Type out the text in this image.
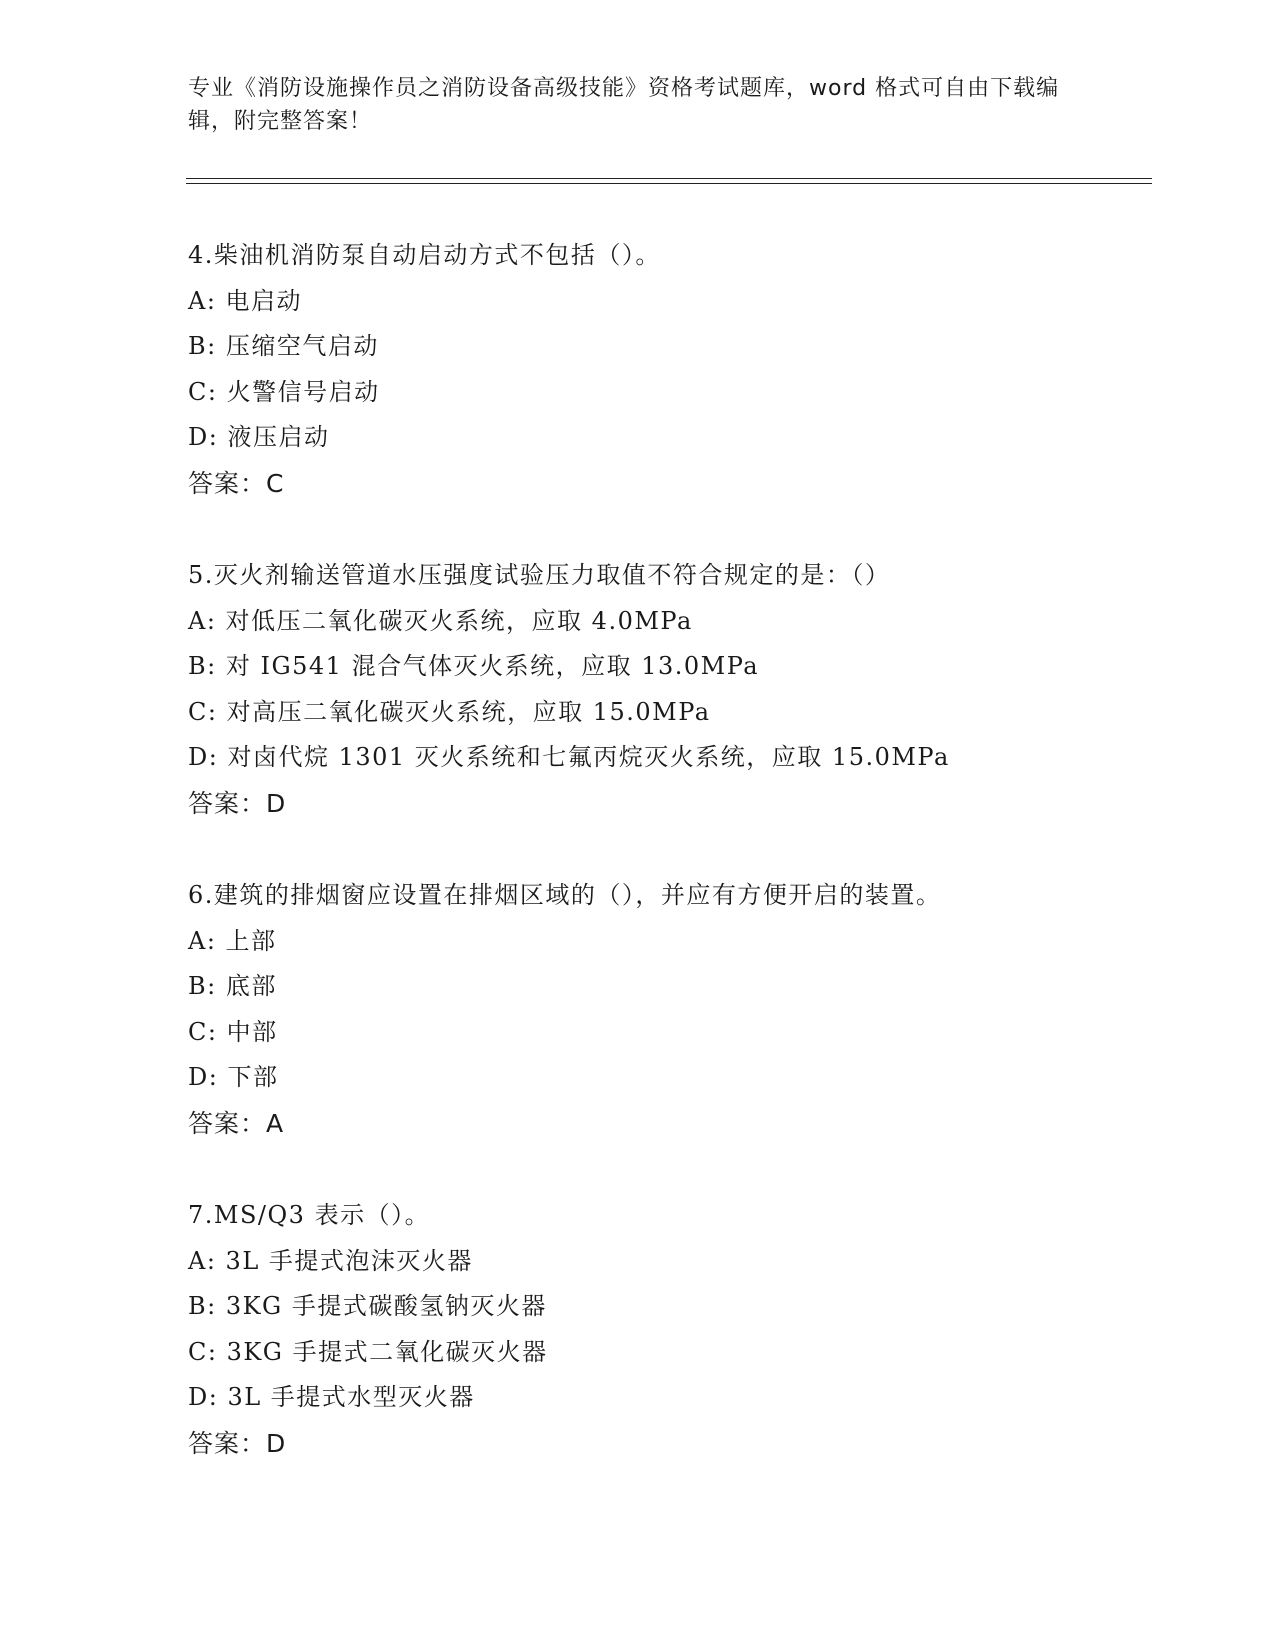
专业《消防设施操作员之消防设备高级技能》资格考试题库，word 格式可自由下载编辑，附完整答案！
4.柴油机消防泵自动启动方式不包括（）。
A: 电启动
B: 压缩空气启动
C: 火警信号启动
D: 液压启动
答案：C
5.灭火剂输送管道水压强度试验压力取值不符合规定的是：（）
A: 对低压二氧化碳灭火系统，应取 4.0MPa
B: 对 IG541 混合气体灭火系统，应取 13.0MPa
C: 对高压二氧化碳灭火系统，应取 15.0MPa
D: 对卤代烷 1301 灭火系统和七氟丙烷灭火系统，应取 15.0MPa
答案：D
6.建筑的排烟窗应设置在排烟区域的（），并应有方便开启的装置。
A: 上部
B: 底部
C: 中部
D: 下部
答案：A
7.MS/Q3 表示（）。
A: 3L 手提式泡沫灭火器
B: 3KG 手提式碳酸氢钠灭火器
C: 3KG 手提式二氧化碳灭火器
D: 3L 手提式水型灭火器
答案：D
